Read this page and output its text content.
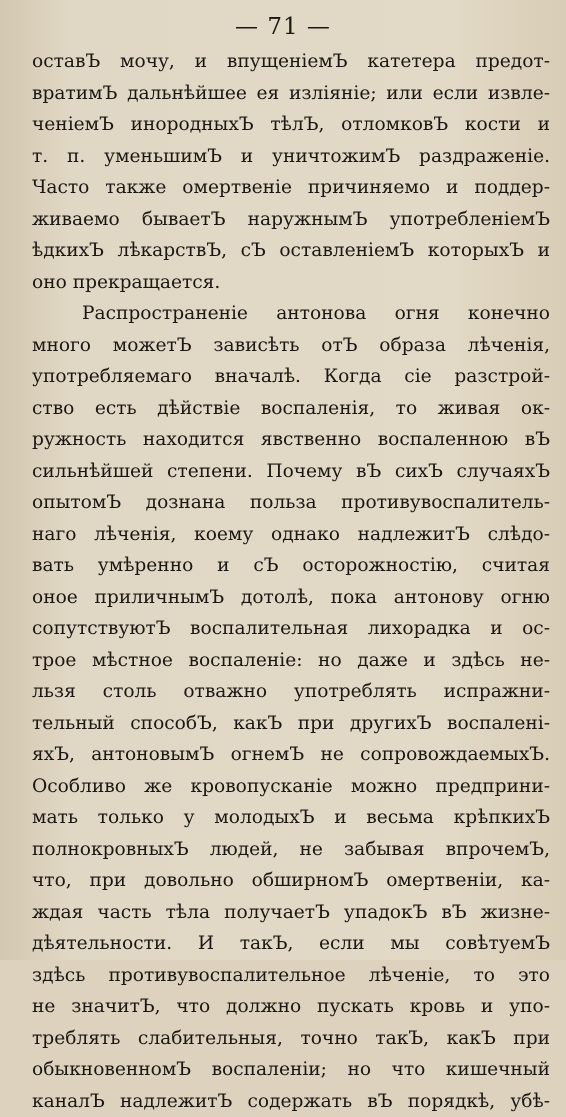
— 71 —
оставЪ мочу, и впущеніемЪ катетера предот-
вратимЪ дальнѣйшее ея изліяніе; или если извле-
ченіемЪ инородныхЪ тѣлЪ, отломковЪ кости и
т. п. уменьшимЪ и уничтожимЪ раздраженіе.
Часто также омертвеніе причиняемо и поддер-
живаемо бываетЪ наружнымЪ употребленіемЪ
ѣдкихЪ лѣкарствЪ, сЪ оставленіемЪ которыхЪ и
оно прекращается.
Распространеніе антонова огня конечно
много можетЪ зависѣть отЪ образа лѣченія,
употребляемаго вначалѣ. Когда сіе разстрой-
ство есть дѣйствіе воспаленія, то живая ок-
ружность находится явственно воспаленною вЪ
сильнѣйшей степени. Почему вЪ сихЪ случаяхЪ
опытомЪ дознана польза противувоспалитель-
наго лѣченія, коему однако надлежитЪ слѣдо-
вать умѣренно и сЪ осторожностію, считая
оное приличнымЪ дотолѣ, пока антонову огню
сопутствуютЪ воспалительная лихорадка и ос-
трое мѣстное воспаленіе: но даже и здѣсь не-
льзя столь отважно употреблять испражни-
тельный способЪ, какЪ при другихЪ воспалені-
яхЪ, антоновымЪ огнемЪ не сопровождаемыхЪ.
Особливо же кровопусканіе можно предприни-
мать только у молодыхЪ и весьма крѣпкихЪ
полнокровныхЪ людей, не забывая впрочемЪ,
что, при довольно обширномЪ омертвеніи, ка-
ждая часть тѣла получаетЪ упадокЪ вЪ жизне-
дѣятельности. И такЪ, если мы совѣтуемЪ
здѣсь противувоспалительное лѣченіе, то это
не значитЪ, что должно пускать кровь и упо-
треблять слабительныя, точно такЪ, какЪ при
обыкновенномЪ воспаленіи; но что кишечный
каналЪ надлежитЪ содержать вЪ порядкѣ, убѣ-
